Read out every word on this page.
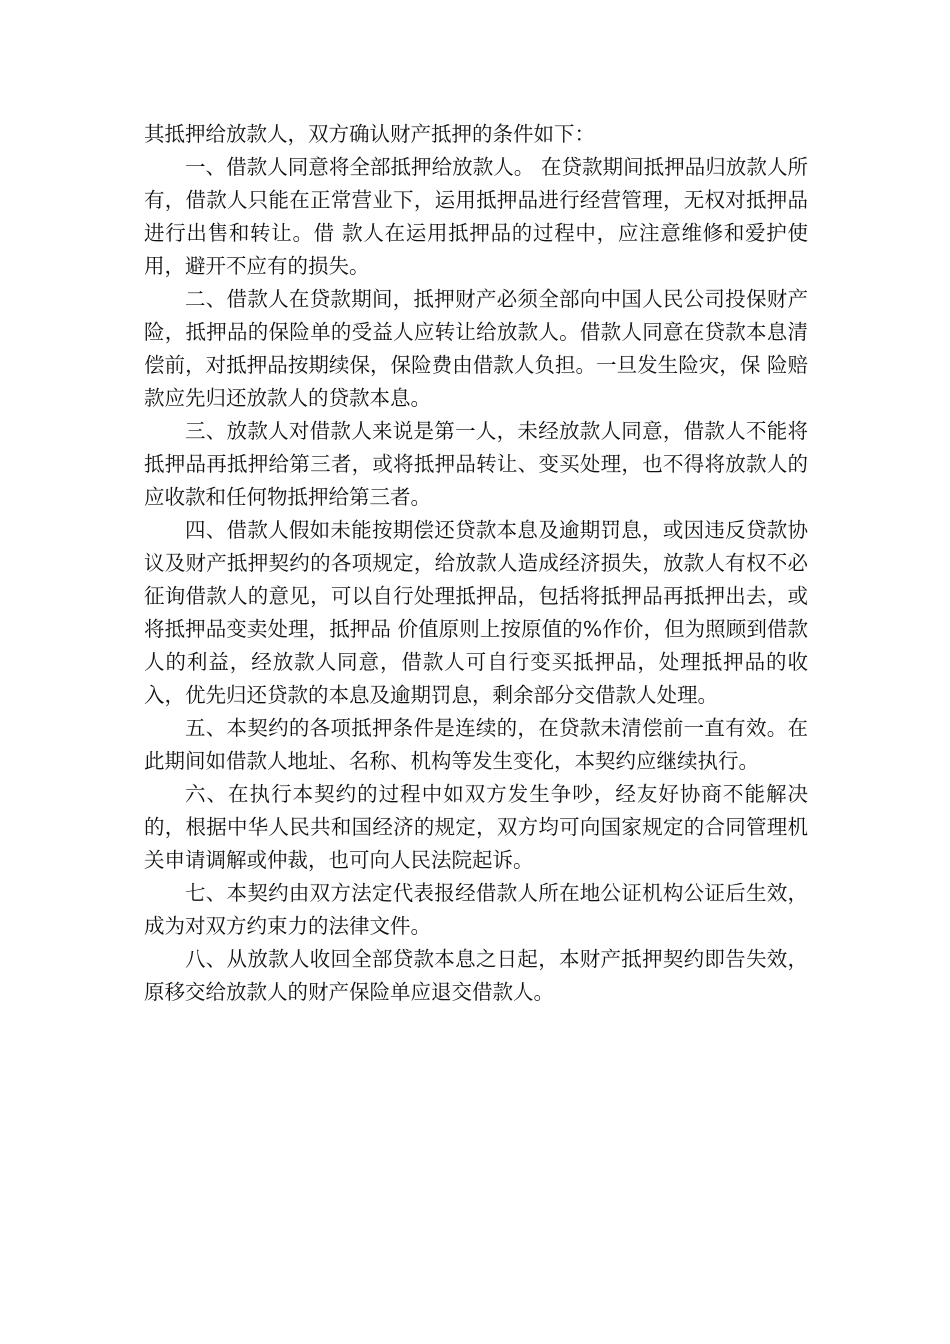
其抵押给放款人，双方确认财产抵押的条件如下：

一、借款人同意将全部抵押给放款人。 在贷款期间抵押品归放款人所有，借款人只能在正常营业下，运用抵押品进行经营管理，无权对抵押品进行出售和转让。借 款人在运用抵押品的过程中，应注意维修和爱护使用，避开不应有的损失。

二、借款人在贷款期间，抵押财产必须全部向中国人民公司投保财产险，抵押品的保险单的受益人应转让给放款人。借款人同意在贷款本息清偿前，对抵押品按期续保，保险费由借款人负担。一旦发生险灾，保 险赔款应先归还放款人的贷款本息。

三、放款人对借款人来说是第一人，未经放款人同意，借款人不能将抵押品再抵押给第三者，或将抵押品转让、变买处理，也不得将放款人的应收款和任何物抵押给第三者。

四、借款人假如未能按期偿还贷款本息及逾期罚息，或因违反贷款协议及财产抵押契约的各项规定，给放款人造成经济损失，放款人有权不必征询借款人的意见，可以自行处理抵押品，包括将抵押品再抵押出去，或将抵押品变卖处理，抵押品 价值原则上按原值的%作价，但为照顾到借款人的利益，经放款人同意，借款人可自行变买抵押品，处理抵押品的收入，优先归还贷款的本息及逾期罚息，剩余部分交借款人处理。

五、本契约的各项抵押条件是连续的，在贷款未清偿前一直有效。在此期间如借款人地址、名称、机构等发生变化，本契约应继续执行。

六、在执行本契约的过程中如双方发生争吵，经友好协商不能解决的，根据中华人民共和国经济的规定，双方均可向国家规定的合同管理机关申请调解或仲裁，也可向人民法院起诉。

七、本契约由双方法定代表报经借款人所在地公证机构公证后生效，成为对双方约束力的法律文件。

八、从放款人收回全部贷款本息之日起，本财产抵押契约即告失效，原移交给放款人的财产保险单应退交借款人。
